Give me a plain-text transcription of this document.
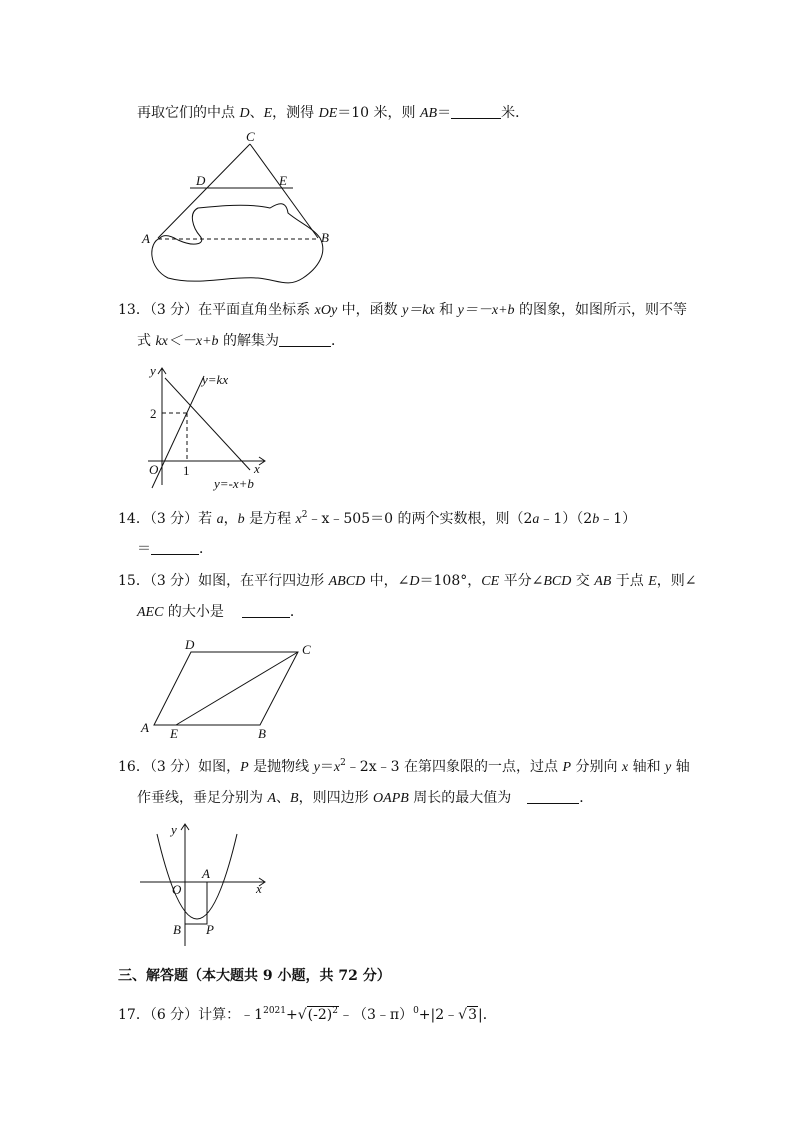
再取它们的中点 D、E，测得 DE＝10 米，则 AB＝	米．
A	B
C
D	E
13．（3 分）在平面直角坐标系 xOy 中，函数 y＝kx 和 y＝－x+b 的图象，如图所示，则不等
式 kx＜－x+b 的解集为	．
y
x
O
2
1
y=kx
y=-x+b
14．（3 分）若 a，b 是方程 $x^2﹣x﹣505=0$ 的两个实数根，则（2a﹣1）（2b﹣1）
＝	．
15．（3 分）如图，在平行四边形 ABCD 中，∠D＝108°，CE 平分∠BCD 交 AB 于点 E，则∠
AEC 的大小是	．
A E	B
C
D
16．（3 分）如图，P 是抛物线 $y=x^2﹣2x﹣3$ 在第四象限的一点，过点 P 分别向 x 轴和 y 轴
作垂线，垂足分别为 A、B，则四边形 OAPB 周长的最大值为	．
y
x
O
A
B P
三、解答题（本大题共 9 小题，共 72 分）
17．（6 分）计算：$﹣1^{2021}+√(-2)^2﹣(3﹣\pi)^0+|2﹣√3|$．
